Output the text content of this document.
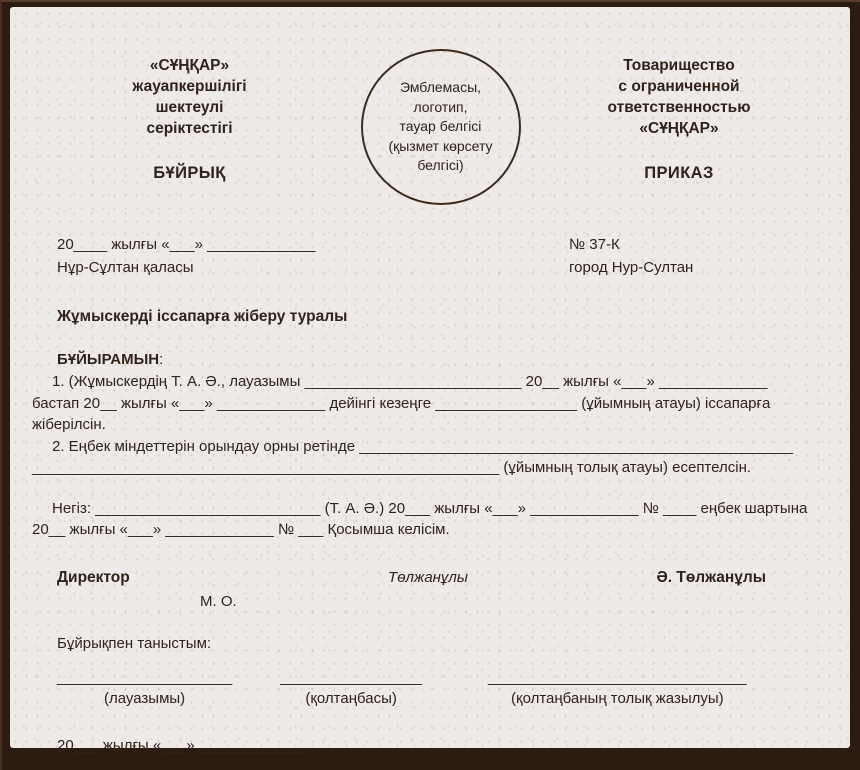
«СҰҢҚАР»
жауапкершілігі
шектеулі
серіктестігі
БҰЙРЫҚ
Эмблемасы,
логотип,
тауар белгісі
(қызмет көрсету
белгісі)
Товарищество
с ограниченной
ответственностью
«СҰҢҚАР»
ПРИКАЗ
20____ жылғы «___» _____________
Нұр-Сұлтан қаласы
№ 37-К
город Нур-Султан
Жұмыскерді іссапарға жіберу туралы
БҰЙЫРАМЫН:
1. (Жұмыскердің Т. А. Ә., лауазымы __________________________ 20__ жылғы «___» _____________
бастап 20__ жылғы «___» _____________ дейінгі кезеңге _________________ (ұйымның атауы) іссапарға
жіберілсін.
2. Еңбек міндеттерін орындау орны ретінде ____________________________________________________
________________________________________________________ (ұйымның толық атауы) есептелсін.
Негіз: ___________________________ (Т. А. Ә.) 20___ жылғы «___» _____________ № ____ еңбек шартына
20__ жылғы «___» _____________ № ___ Қосымша келісім.
Директор	Төлжанұлы	Ә. Төлжанұлы
М. О.
Бұйрықпен таныстым:
_____________________
(лауазымы)
_________________
(қолтаңбасы)
_______________________________
(қолтаңбаның толық жазылуы)
20___ жылғы «___» _____________
